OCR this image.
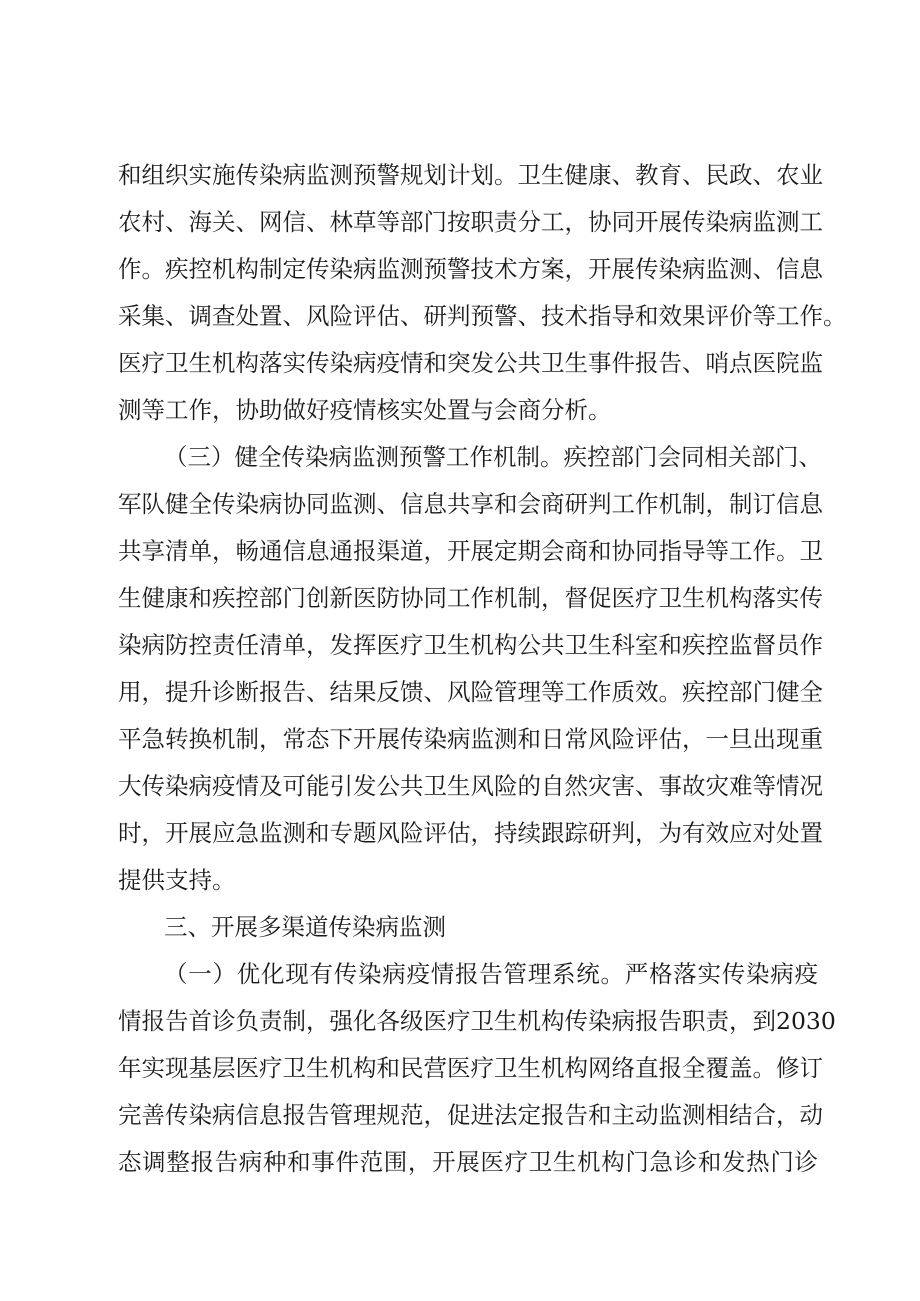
和组织实施传染病监测预警规划计划。卫生健康、教育、民政、农业
农村、海关、网信、林草等部门按职责分工，协同开展传染病监测工
作。疾控机构制定传染病监测预警技术方案，开展传染病监测、信息
采集、调查处置、风险评估、研判预警、技术指导和效果评价等工作。
医疗卫生机构落实传染病疫情和突发公共卫生事件报告、哨点医院监
测等工作，协助做好疫情核实处置与会商分析。
（三）健全传染病监测预警工作机制。疾控部门会同相关部门、
军队健全传染病协同监测、信息共享和会商研判工作机制，制订信息
共享清单，畅通信息通报渠道，开展定期会商和协同指导等工作。卫
生健康和疾控部门创新医防协同工作机制，督促医疗卫生机构落实传
染病防控责任清单，发挥医疗卫生机构公共卫生科室和疾控监督员作
用，提升诊断报告、结果反馈、风险管理等工作质效。疾控部门健全
平急转换机制，常态下开展传染病监测和日常风险评估，一旦出现重
大传染病疫情及可能引发公共卫生风险的自然灾害、事故灾难等情况
时，开展应急监测和专题风险评估，持续跟踪研判，为有效应对处置
提供支持。
三、开展多渠道传染病监测
（一）优化现有传染病疫情报告管理系统。严格落实传染病疫
情报告首诊负责制，强化各级医疗卫生机构传染病报告职责，到2030
年实现基层医疗卫生机构和民营医疗卫生机构网络直报全覆盖。修订
完善传染病信息报告管理规范，促进法定报告和主动监测相结合，动
态调整报告病种和事件范围，开展医疗卫生机构门急诊和发热门诊
